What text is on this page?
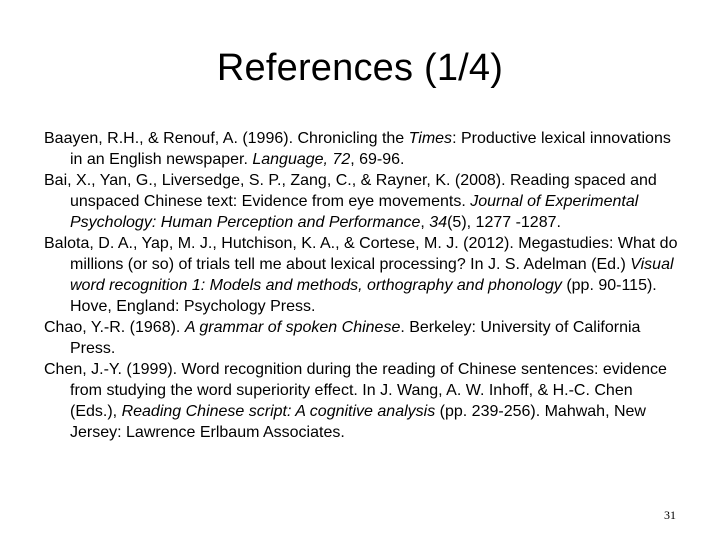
References (1/4)

Baayen, R.H., & Renouf, A. (1996). Chronicling the Times: Productive lexical innovations in an English newspaper. Language, 72, 69-96.

Bai, X., Yan, G., Liversedge, S. P., Zang, C., & Rayner, K. (2008). Reading spaced and unspaced Chinese text: Evidence from eye movements. Journal of Experimental Psychology: Human Perception and Performance, 34(5), 1277 -1287.

Balota, D. A., Yap, M. J., Hutchison, K. A., & Cortese, M. J. (2012). Megastudies: What do millions (or so) of trials tell me about lexical processing? In J. S. Adelman (Ed.) Visual word recognition 1: Models and methods, orthography and phonology (pp. 90-115). Hove, England: Psychology Press.

Chao, Y.-R. (1968). A grammar of spoken Chinese. Berkeley: University of California Press.

Chen, J.-Y. (1999). Word recognition during the reading of Chinese sentences: evidence from studying the word superiority effect. In J. Wang, A. W. Inhoff, & H.-C. Chen (Eds.), Reading Chinese script: A cognitive analysis (pp. 239-256). Mahwah, New Jersey: Lawrence Erlbaum Associates.

31
